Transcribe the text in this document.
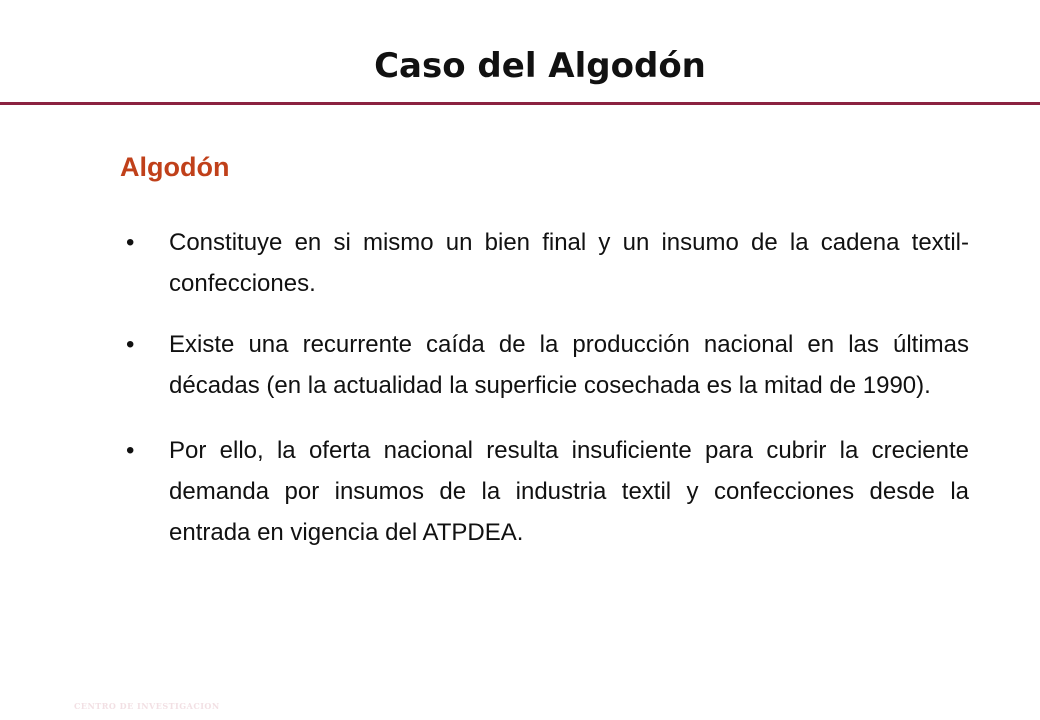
Caso del Algodón
Algodón
•	Constituye en si mismo un bien final y un insumo de la cadena textil-confecciones.
•	Existe una recurrente caída de la producción nacional en las últimas décadas (en la actualidad la superficie cosechada es la mitad de 1990).
•	Por ello, la oferta nacional resulta insuficiente para cubrir la creciente demanda por insumos de la industria textil y confecciones desde la entrada en vigencia del ATPDEA.

CENTRO DE INVESTIGACION
